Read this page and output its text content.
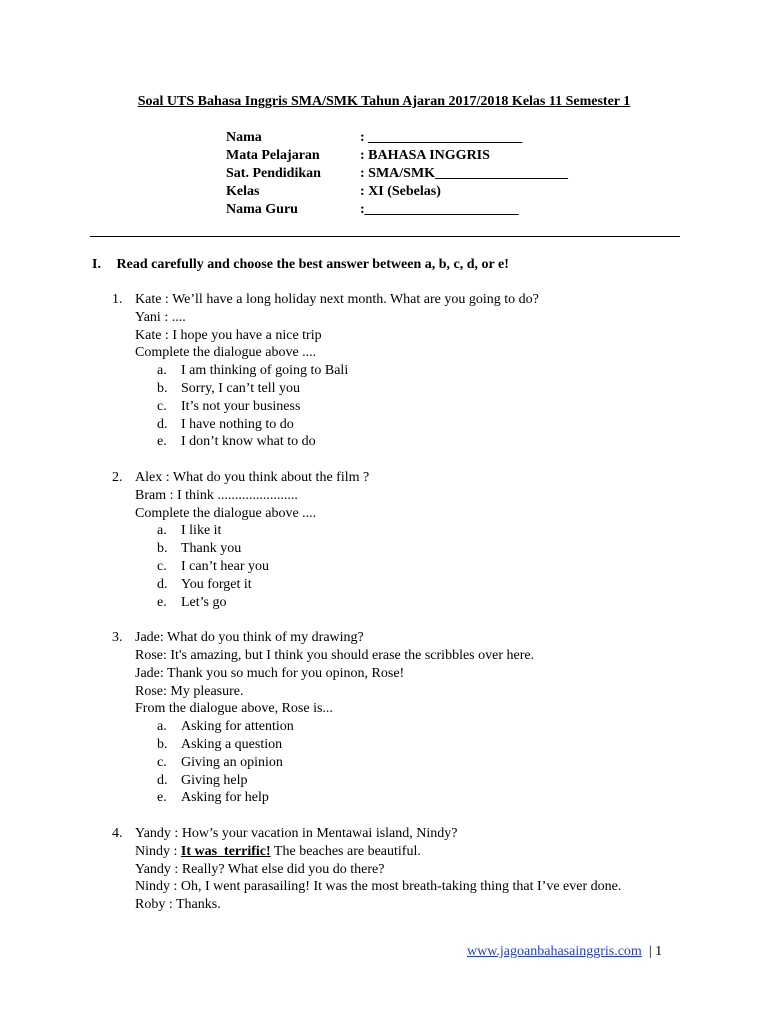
Soal UTS Bahasa Inggris SMA/SMK Tahun Ajaran 2017/2018 Kelas 11 Semester 1
Nama	: ______________________
Mata Pelajaran	: BAHASA INGGRIS
Sat. Pendidikan	: SMA/SMK___________________
Kelas	: XI (Sebelas)
Nama Guru	:______________________
I. Read carefully and choose the best answer between a, b, c, d, or e!
1. Kate : We’ll have a long holiday next month. What are you going to do?
Yani : ....
Kate : I hope you have a nice trip
Complete the dialogue above ....
a. I am thinking of going to Bali
b. Sorry, I can’t tell you
c. It’s not your business
d. I have nothing to do
e. I don’t know what to do
2. Alex : What do you think about the film ?
Bram : I think .......................
Complete the dialogue above ....
a. I like it
b. Thank you
c. I can’t hear you
d. You forget it
e. Let’s go
3. Jade: What do you think of my drawing?
Rose: It's amazing, but I think you should erase the scribbles over here.
Jade: Thank you so much for you opinon, Rose!
Rose: My pleasure.
From the dialogue above, Rose is...
a. Asking for attention
b. Asking a question
c. Giving an opinion
d. Giving help
e. Asking for help
4. Yandy : How’s your vacation in Mentawai island, Nindy?
Nindy : It was  terrific! The beaches are beautiful.
Yandy : Really? What else did you do there?
Nindy : Oh, I went parasailing! It was the most breath-taking thing that I’ve ever done.
Roby : Thanks.
www.jagoanbahasainggris.com  | 1
